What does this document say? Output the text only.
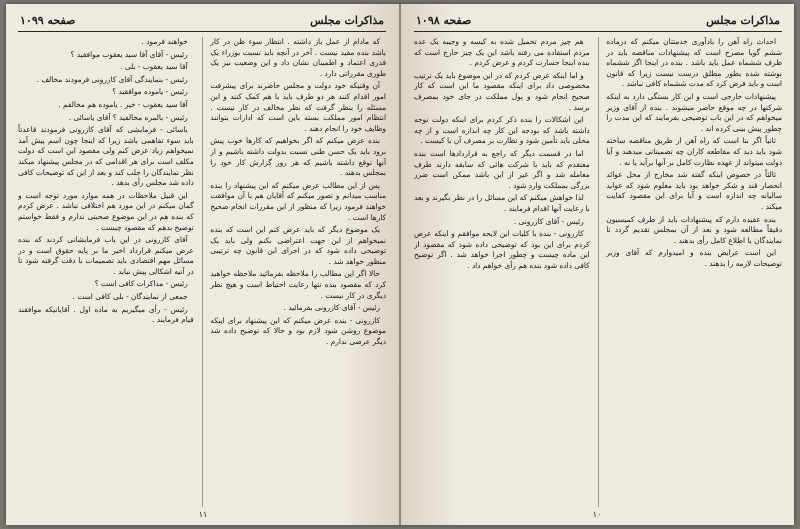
مذاکرات مجلس
صفحه ۱۰۹۹

که مادام از عمل باز داشته . انتظار سوء ظن در کار باشد بنده مفید نیست . آخر در آنچه باید نسبت بوزراء یک قدری اعتماد و اطمینان نشان داد و این وضعیت نیز یک طوری مقرراتی دارد .

آن وقتیکه خود دولت و مجلس حاضرند برای پیشرفت امور اقدام کنند هر دو طرف باید با هم کمک کنند و این مسئله را بنظر گرفت که نظر مخالف در کار نیست . انتظام امور مملکت بسته باین است که ادارات بتوانند وظایف خود را انجام دهند .

بنده عرض میکنم که اگر بخواهیم که کارها خوب پیش برود باید یک حسن ظنی نسبت بدولت داشته باشیم و از آنها توقع داشته باشیم که هر روز گزارش کار خود را بمجلس بدهند .

پس از این مطالب عرض میکنم که این پیشنهاد را بنده مناسب میدانم و تصور میکنم که آقایان هم با آن موافقت خواهند فرمود زیرا که منظور از این مقررات انجام صحیح کارها است .

یک موضوع دیگر که باید عرض کنم این است که بنده نمیخواهم از این جهت اعتراضی بکنم ولی باید یک توضیحی داده شود که در اجرای این قانون چه ترتیبی منظور خواهد شد .

حالا اگر این مطالب را ملاحظه بفرمائید ملاحظه خواهید کرد که مقصود بنده تنها رعایت احتیاط است و هیچ نظر دیگری در کار نیست .

رئیس - آقای کازرونی بفرمائید .

کازرونی - بنده عرض میکنم که این پیشنهاد برای اینکه موضوع روشن شود لازم بود و حالا که توضیح داده شد دیگر عرضی ندارم .

خواهند فرمود .

رئیس - آقای آقا سید یعقوب موافقید ؟

آقا سید یعقوب - بلی .

رئیس - بنمایندگی آقای کازرونی فرمودند مخالف .

رئیس - یاموده موافقید ؟

آقا سید یعقوب - خیر . یاموده هم مخالفم .

رئیس - بالمره مخالفید ؟ آقای یاسائی .

یاسائی - فرمایشی که آقای کازرونی فرمودند قاعدتاً باید سوء تفاهمی باشد زیرا که اینجا چون اسم پیش آمد نمیخواهم زیاد عرض کنم ولی مقصود این است که دولت مکلف است برای هر اقدامی که در مجلس پیشنهاد میکند نظر نمایندگان را جلب کند و بعد از این که توضیحات کافی داده شد مجلس رأی بدهد .

این قبیل ملاحظات در همه موارد مورد توجه است و گمان میکنم در این مورد هم اختلافی نباشد . عرض کردم که بنده هم در این موضوع صحبتی ندارم و فقط خواستم توضیح بدهم که مقصود چیست .

آقای کازرونی در این باب فرمایشاتی کردند که بنده عرض میکنم قرارداد اخیر ما بر پایه حقوق است و در مسائل مهم اقتصادی باید تصمیمات با دقت گرفته شود تا در آتیه اشکالی پیش نیاید .

رئیس - مذاکرات کافی است ؟

جمعی از نمایندگان - بلی کافی است .

رئیس - رأی میگیریم به ماده اول . آقایانیکه موافقند قیام فرمایند .

۱۱
مذاکرات مجلس
صفحه ۱۰۹۸

احداث راه آهن را بادآوری خدمتتان میکنم که درماده ششم گویا مصرح است که پیشنهادات مناقصه باید در ظرف ششماه عمل باید باشد . بنده در اینجا اگر ششماه نوشته شده بطور مطلق درست نیست زیرا که قانون است و باید فرض کرد که مدت ششماه کافی نباشد .

پیشنهادات خارجی است و این کار بستگی دارد به اینکه شرکتها در چه موقع حاضر میشوند . بنده از آقای وزیر میخواهم که در این باب توضیحی بفرمایند که این مدت را چطور پیش بینی کرده اند .

ثانیاً اگر بنا است که راه آهن از طریق مناقصه ساخته شود باید دید که مقاطعه کاران چه تضمیناتی میدهند و آیا دولت میتواند از عهده نظارت کامل بر آنها برآید یا نه .

ثالثاً در خصوص اینکه گفته شد مخارج از محل عوائد انحصار قند و شکر خواهد بود باید معلوم شود که عواید سالیانه چه اندازه است و آیا برای این مقصود کفایت میکند .

بنده عقیده دارم که پیشنهادات باید از طرف کمیسیون دقیقاً مطالعه شود و بعد از آن بمجلس تقدیم گردد تا نمایندگان با اطلاع کامل رأی بدهند .

این است عرایض بنده و امیدوارم که آقای وزیر توضیحات لازمه را بدهند .

هم چیز مردم تحمیل شده به کیسه و وجیبه یک عده مردم استفاده می رفته باشد این یک چیز خارج است که بنده اینجا جسارت کردم و عرض کردم .

و اما اینکه عرض کردم که در این موضوع باید یک ترتیب مخصوصی داد برای اینکه مقصود ما این است که کار صحیح انجام شود و پول مملکت در جای خود بمصرف برسد .

این اشکالات را بنده ذکر کردم برای اینکه دولت توجه داشته باشد که بودجه این کار چه اندازه است و از چه محلی باید تأمین شود و نظارت بر مصرف آن با کیست .

اما در قسمت دیگر که راجع به قراردادها است بنده معتقدم که باید با شرکت هائی که سابقه دارند طرف معامله شد و اگر غیر از این باشد ممکن است ضرر بزرگی بمملکت وارد شود .

لذا خواهش میکنم که این مسائل را در نظر بگیرند و بعد با رعایت آنها اقدام فرمایند .

رئیس - آقای کازرونی .

کازرونی - بنده با کلیات این لایحه موافقم و اینکه عرض کردم برای این بود که توضیحی داده شود که مقصود از این ماده چیست و چطور اجرا خواهد شد . اگر توضیح کافی داده شود بنده هم رأی خواهم داد .

۱۰
